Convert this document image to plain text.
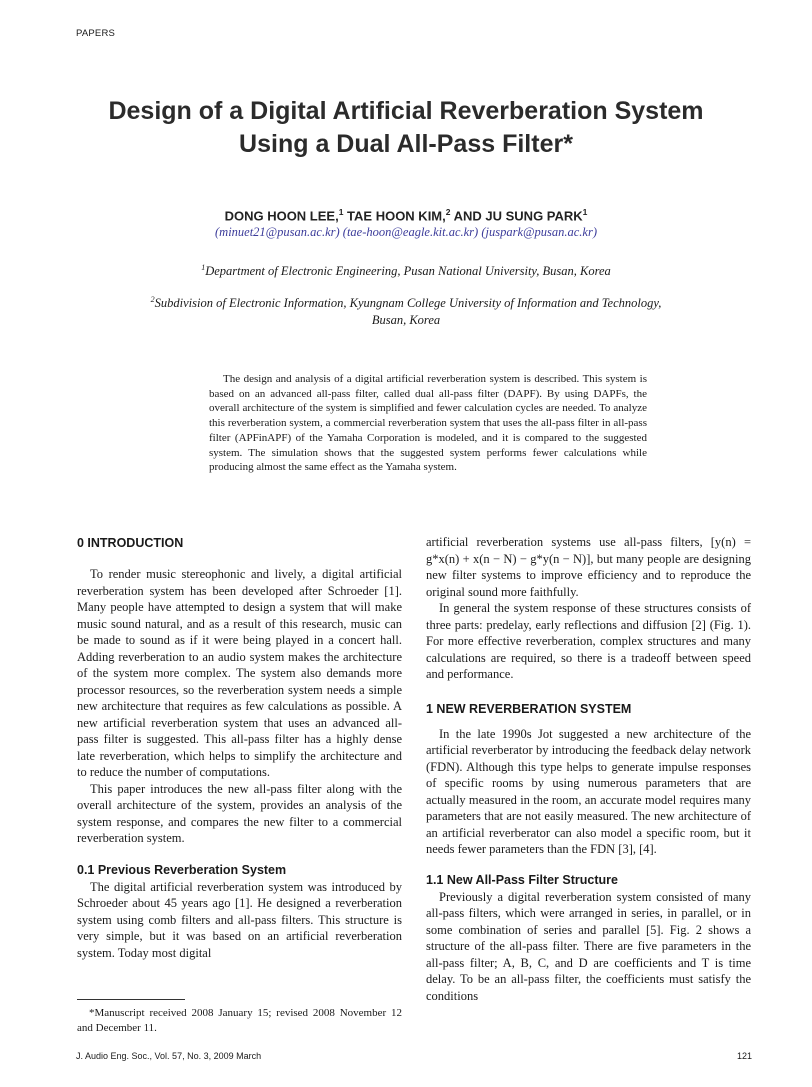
PAPERS
Design of a Digital Artificial Reverberation System
Using a Dual All-Pass Filter*
DONG HOON LEE,$^1$ TAE HOON KIM,$^2$ AND JU SUNG PARK$^1$
(minuet21@pusan.ac.kr) (tae-hoon@eagle.kit.ac.kr) (juspark@pusan.ac.kr)
$^1$Department of Electronic Engineering, Pusan National University, Busan, Korea
$^2$Subdivision of Electronic Information, Kyungnam College University of Information and Technology, Busan, Korea

The design and analysis of a digital artificial reverberation system is described. This system is based on an advanced all-pass filter, called dual all-pass filter (DAPF). By using DAPFs, the overall architecture of the system is simplified and fewer calculation cycles are needed. To analyze this reverberation system, a commercial reverberation system that uses the all-pass filter in all-pass filter (APFinAPF) of the Yamaha Corporation is modeled, and it is compared to the suggested system. The simulation shows that the suggested system performs fewer calculations while producing almost the same effect as the Yamaha system.

0 INTRODUCTION

To render music stereophonic and lively, a digital artificial reverberation system has been developed after Schroeder [1]. Many people have attempted to design a system that will make music sound natural, and as a result of this research, music can be made to sound as if it were being played in a concert hall. Adding reverberation to an audio system makes the architecture of the system more complex. The system also demands more processor resources, so the reverberation system needs a simple new architecture that requires as few calculations as possible. A new artificial reverberation system that uses an advanced all-pass filter is suggested. This all-pass filter has a highly dense late reverberation, which helps to simplify the architecture and to reduce the number of computations.

This paper introduces the new all-pass filter along with the overall architecture of the system, provides an analysis of the system response, and compares the new filter to a commercial reverberation system.

0.1 Previous Reverberation System

The digital artificial reverberation system was introduced by Schroeder about 45 years ago [1]. He designed a reverberation system using comb filters and all-pass filters. This structure is very simple, but it was based on an artificial reverberation system. Today most digital

artificial reverberation systems use all-pass filters, [y(n) = g*x(n) + x(n − N) − g*y(n − N)], but many people are designing new filter systems to improve efficiency and to reproduce the original sound more faithfully.

In general the system response of these structures consists of three parts: predelay, early reflections and diffusion [2] (Fig. 1). For more effective reverberation, complex structures and many calculations are required, so there is a tradeoff between speed and performance.

1 NEW REVERBERATION SYSTEM

In the late 1990s Jot suggested a new architecture of the artificial reverberator by introducing the feedback delay network (FDN). Although this type helps to generate impulse responses of specific rooms by using numerous parameters that are actually measured in the room, an accurate model requires many parameters that are not easily measured. The new architecture of an artificial reverberator can also model a specific room, but it needs fewer parameters than the FDN [3], [4].

1.1 New All-Pass Filter Structure

Previously a digital reverberation system consisted of many all-pass filters, which were arranged in series, in parallel, or in some combination of series and parallel [5]. Fig. 2 shows a structure of the all-pass filter. There are five parameters in the all-pass filter; A, B, C, and D are coefficients and T is time delay. To be an all-pass filter, the coefficients must satisfy the conditions

*Manuscript received 2008 January 15; revised 2008 November 12 and December 11.

J. Audio Eng. Soc., Vol. 57, No. 3, 2009 March	121
